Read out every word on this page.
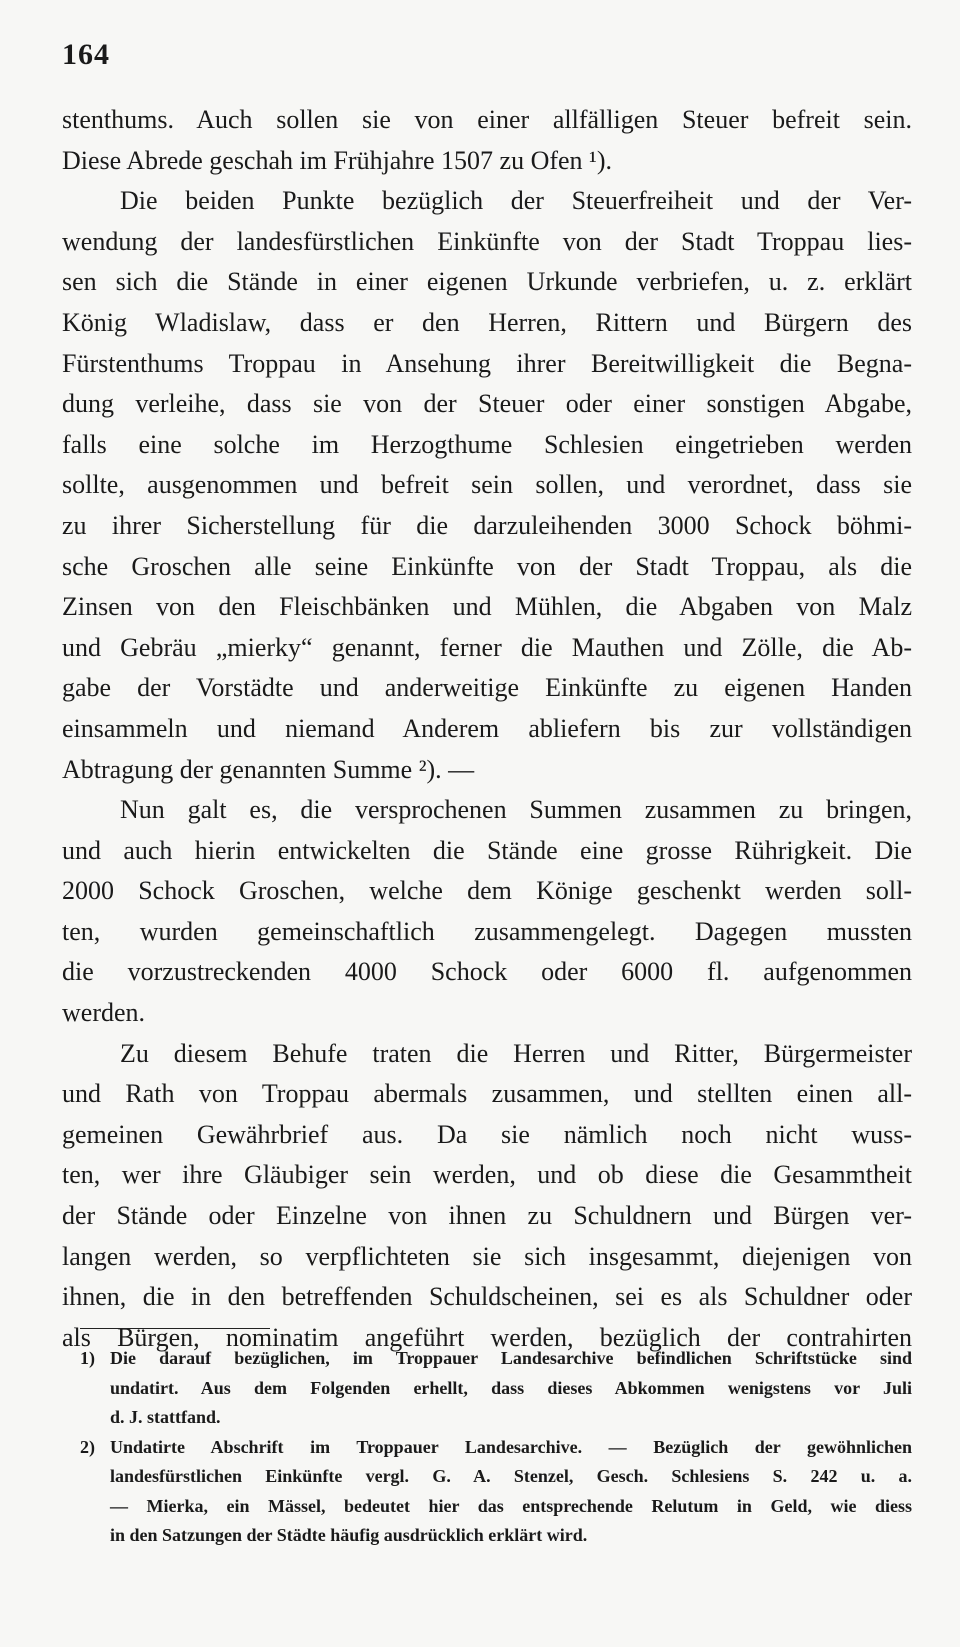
164
stenthums. Auch sollen sie von einer allfälligen Steuer befreit sein.
Diese Abrede geschah im Frühjahre 1507 zu Ofen ¹).
Die beiden Punkte bezüglich der Steuerfreiheit und der Ver-
wendung der landesfürstlichen Einkünfte von der Stadt Troppau lies-
sen sich die Stände in einer eigenen Urkunde verbriefen, u. z. erklärt
König Wladislaw, dass er den Herren, Rittern und Bürgern des
Fürstenthums Troppau in Ansehung ihrer Bereitwilligkeit die Begna-
dung verleihe, dass sie von der Steuer oder einer sonstigen Abgabe,
falls eine solche im Herzogthume Schlesien eingetrieben werden
sollte, ausgenommen und befreit sein sollen, und verordnet, dass sie
zu ihrer Sicherstellung für die darzuleihenden 3000 Schock böhmi-
sche Groschen alle seine Einkünfte von der Stadt Troppau, als die
Zinsen von den Fleischbänken und Mühlen, die Abgaben von Malz
und Gebräu „mierky“ genannt, ferner die Mauthen und Zölle, die Ab-
gabe der Vorstädte und anderweitige Einkünfte zu eigenen Handen
einsammeln und niemand Anderem abliefern bis zur vollständigen
Abtragung der genannten Summe ²). —
Nun galt es, die versprochenen Summen zusammen zu bringen,
und auch hierin entwickelten die Stände eine grosse Rührigkeit. Die
2000 Schock Groschen, welche dem Könige geschenkt werden soll-
ten, wurden gemeinschaftlich zusammengelegt. Dagegen mussten
die vorzustreckenden 4000 Schock oder 6000 fl. aufgenommen
werden.
Zu diesem Behufe traten die Herren und Ritter, Bürgermeister
und Rath von Troppau abermals zusammen, und stellten einen all-
gemeinen Gewährbrief aus. Da sie nämlich noch nicht wuss-
ten, wer ihre Gläubiger sein werden, und ob diese die Gesammtheit
der Stände oder Einzelne von ihnen zu Schuldnern und Bürgen ver-
langen werden, so verpflichteten sie sich insgesammt, diejenigen von
ihnen, die in den betreffenden Schuldscheinen, sei es als Schuldner oder
als Bürgen, nominatim angeführt werden, bezüglich der contrahirten
1) Die darauf bezüglichen, im Troppauer Landesarchive befindlichen Schriftstücke sind
undatirt. Aus dem Folgenden erhellt, dass dieses Abkommen wenigstens vor Juli
d. J. stattfand.
2) Undatirte Abschrift im Troppauer Landesarchive. — Bezüglich der gewöhnlichen
landesfürstlichen Einkünfte vergl. G. A. Stenzel, Gesch. Schlesiens S. 242 u. a.
— Mierka, ein Mässel, bedeutet hier das entsprechende Relutum in Geld, wie diess
in den Satzungen der Städte häufig ausdrücklich erklärt wird.
